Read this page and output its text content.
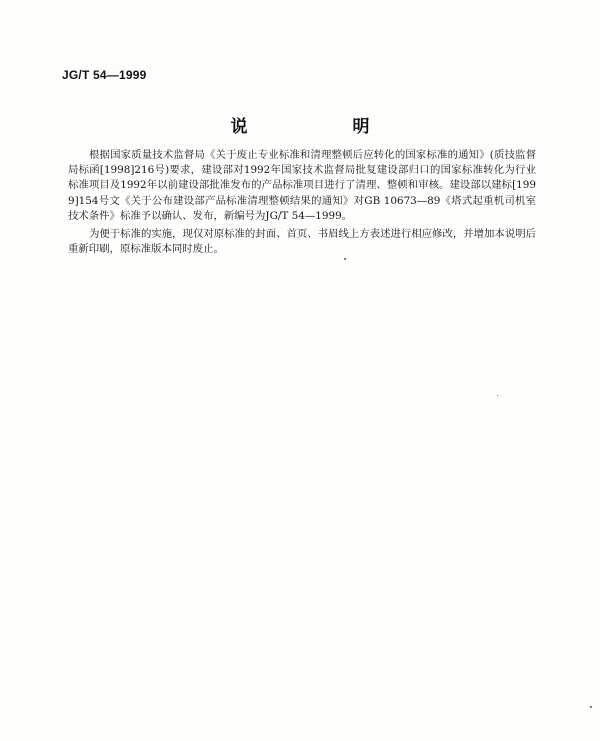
JG/T 54—1999
说　明

根据国家质量技术监督局《关于废止专业标准和清理整顿后应转化的国家标准的通知》(质技监督局标函[1998]216号)要求，建设部对1992年国家技术监督局批复建设部归口的国家标准转化为行业标准项目及1992年以前建设部批准发布的产品标准项目进行了清理、整顿和审核。建设部以建标[1999]154号文《关于公布建设部产品标准清理整顿结果的通知》对GB 10673—89《塔式起重机司机室技术条件》标准予以确认、发布，新编号为JG/T 54—1999。

为便于标准的实施，现仅对原标准的封面、首页、书眉线上方表述进行相应修改，并增加本说明后重新印刷，原标准版本同时废止。
